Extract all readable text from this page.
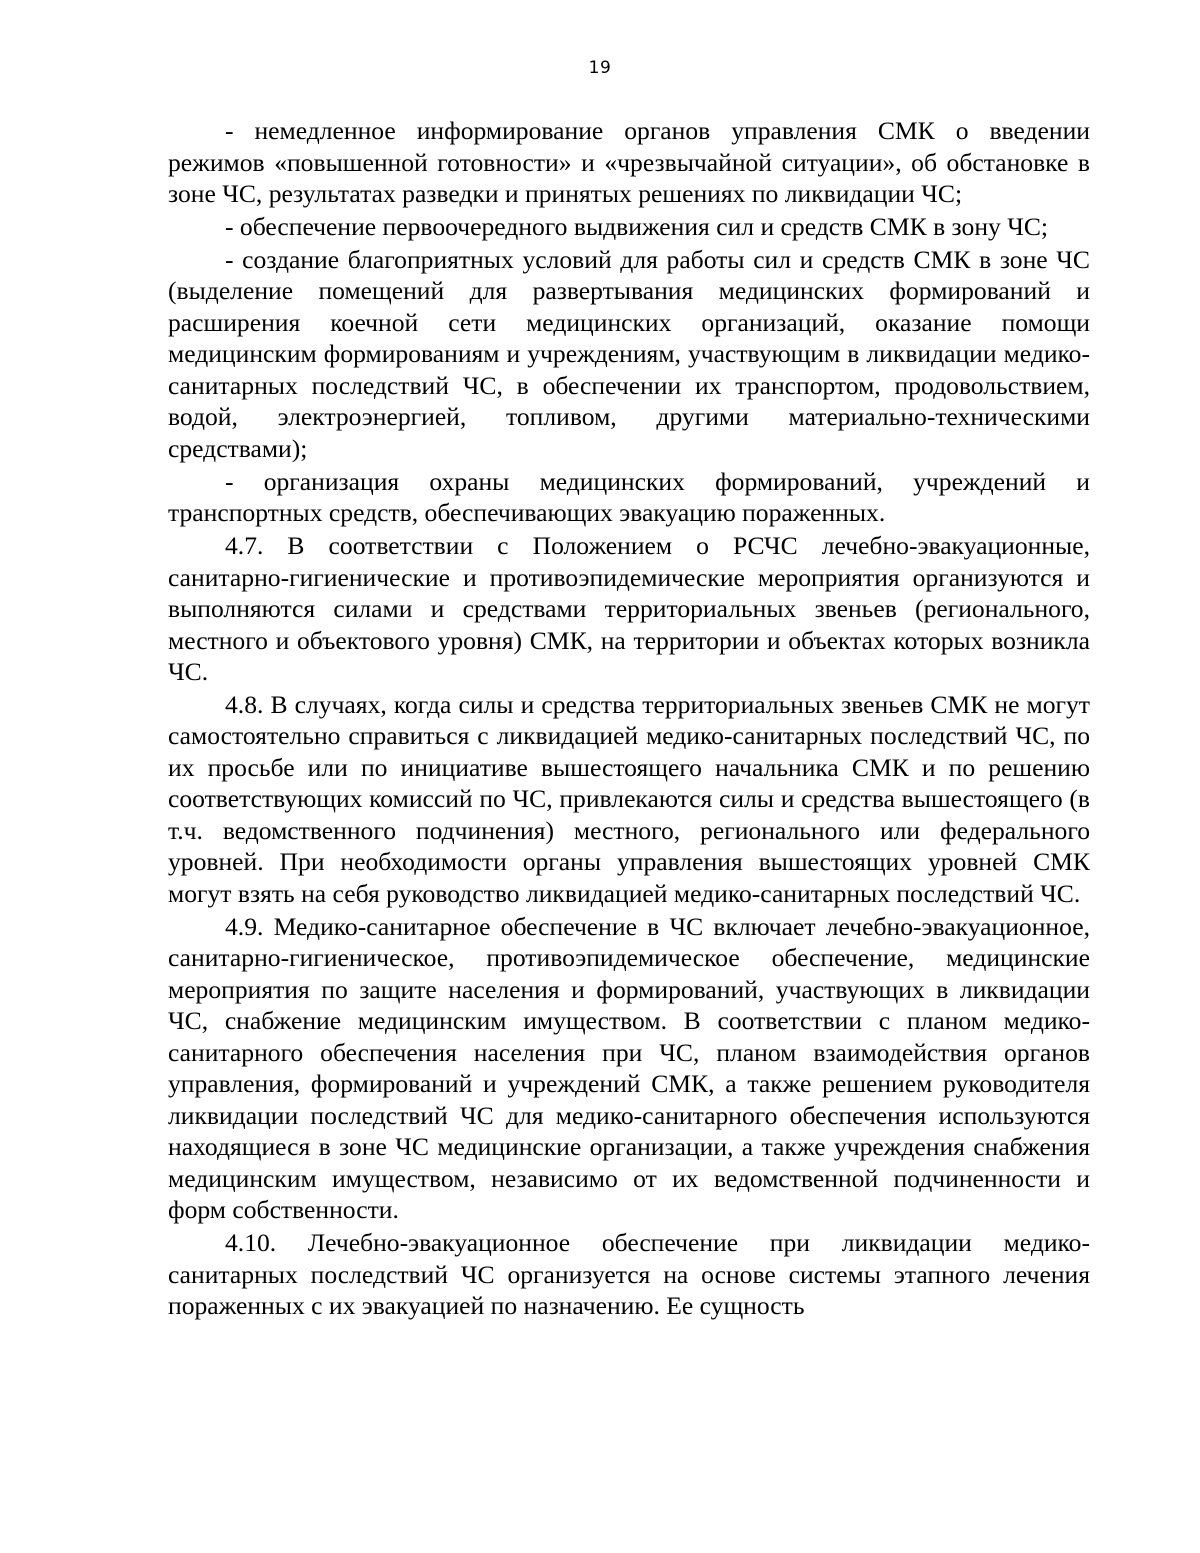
19

- немедленное информирование органов управления СМК о введении режимов «повышенной готовности» и «чрезвычайной ситуации», об обстановке в зоне ЧС, результатах разведки и принятых решениях по ликвидации ЧС;

- обеспечение первоочередного выдвижения сил и средств СМК в зону ЧС;

- создание благоприятных условий для работы сил и средств СМК в зоне ЧС (выделение помещений для развертывания медицинских формирований и расширения коечной сети медицинских организаций, оказание помощи медицинским формированиям и учреждениям, участвующим в ликвидации медико-санитарных последствий ЧС, в обеспечении их транспортом, продовольствием, водой, электроэнергией, топливом, другими материально-техническими средствами);

- организация охраны медицинских формирований, учреждений и транспортных средств, обеспечивающих эвакуацию пораженных.

4.7. В соответствии с Положением о РСЧС лечебно-эвакуационные, санитарно-гигиенические и противоэпидемические мероприятия организуются и выполняются силами и средствами территориальных звеньев (регионального, местного и объектового уровня) СМК, на территории и объектах которых возникла ЧС.

4.8. В случаях, когда силы и средства территориальных звеньев СМК не могут самостоятельно справиться с ликвидацией медико-санитарных последствий ЧС, по их просьбе или по инициативе вышестоящего начальника СМК и по решению соответствующих комиссий по ЧС, привлекаются силы и средства вышестоящего (в т.ч. ведомственного подчинения) местного, регионального или федерального уровней. При необходимости органы управления вышестоящих уровней СМК могут взять на себя руководство ликвидацией медико-санитарных последствий ЧС.

4.9. Медико-санитарное обеспечение в ЧС включает лечебно-эвакуационное, санитарно-гигиеническое, противоэпидемическое обеспечение, медицинские мероприятия по защите населения и формирований, участвующих в ликвидации ЧС, снабжение медицинским имуществом. В соответствии с планом медико-санитарного обеспечения населения при ЧС, планом взаимодействия органов управления, формирований и учреждений СМК, а также решением руководителя ликвидации последствий ЧС для медико-санитарного обеспечения используются находящиеся в зоне ЧС медицинские организации, а также учреждения снабжения медицинским имуществом, независимо от их ведомственной подчиненности и форм собственности.

4.10. Лечебно-эвакуационное обеспечение при ликвидации медико-санитарных последствий ЧС организуется на основе системы этапного лечения пораженных с их эвакуацией по назначению. Ее сущность
